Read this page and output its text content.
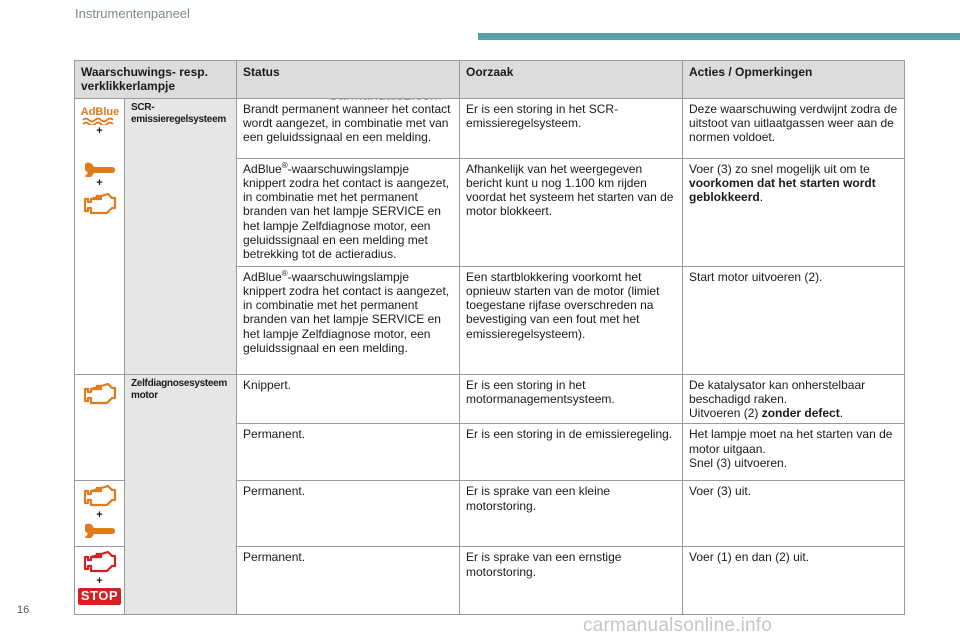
Instrumentenpaneel
Waarschuwings- resp. verklikkerlampje		Status	Oorzaak	Acties / Opmerkingen

AdBlue
+
+	SCR-emissieregelsysteem	Brandt permanent wanneer het contact wordt aangezet, in combinatie met van een geluidssignaal en een melding.	Er is een storing in het SCR-emissieregelsysteem.	Deze waarschuwing verdwijnt zodra de uitstoot van uitlaatgassen weer aan de normen voldoet.
		AdBlue®-waarschuwingslampje knippert zodra het contact is aangezet, in combinatie met het permanent branden van het lampje SERVICE en het lampje Zelfdiagnose motor, een geluidssignaal en een melding met betrekking tot de actieradius.	Afhankelijk van het weergegeven bericht kunt u nog 1.100 km rijden voordat het systeem het starten van de motor blokkeert.	Voer (3) zo snel mogelijk uit om te voorkomen dat het starten wordt geblokkeerd.
		AdBlue®-waarschuwingslampje knippert zodra het contact is aangezet, in combinatie met het permanent branden van het lampje SERVICE en het lampje Zelfdiagnose motor, een geluidssignaal en een melding.	Een startblokkering voorkomt het opnieuw starten van de motor (limiet toegestane rijfase overschreden na bevestiging van een fout met het emissieregelsysteem).	Start motor uitvoeren (2).

	Zelfdiagnosesysteem motor	Knippert.	Er is een storing in het motormanagementsysteem.	De katalysator kan onherstelbaar beschadigd raken.
Uitvoeren (2) zonder defect.
		Permanent.	Er is een storing in de emissieregeling.	Het lampje moet na het starten van de motor uitgaan.
Snel (3) uitvoeren.

+		Permanent.	Er is sprake van een kleine motorstoring.	Voer (3) uit.

+
STOP		Permanent.	Er is sprake van een ernstige motorstoring.	Voer (1) en dan (2) uit.
16
carmanualsonline.info
